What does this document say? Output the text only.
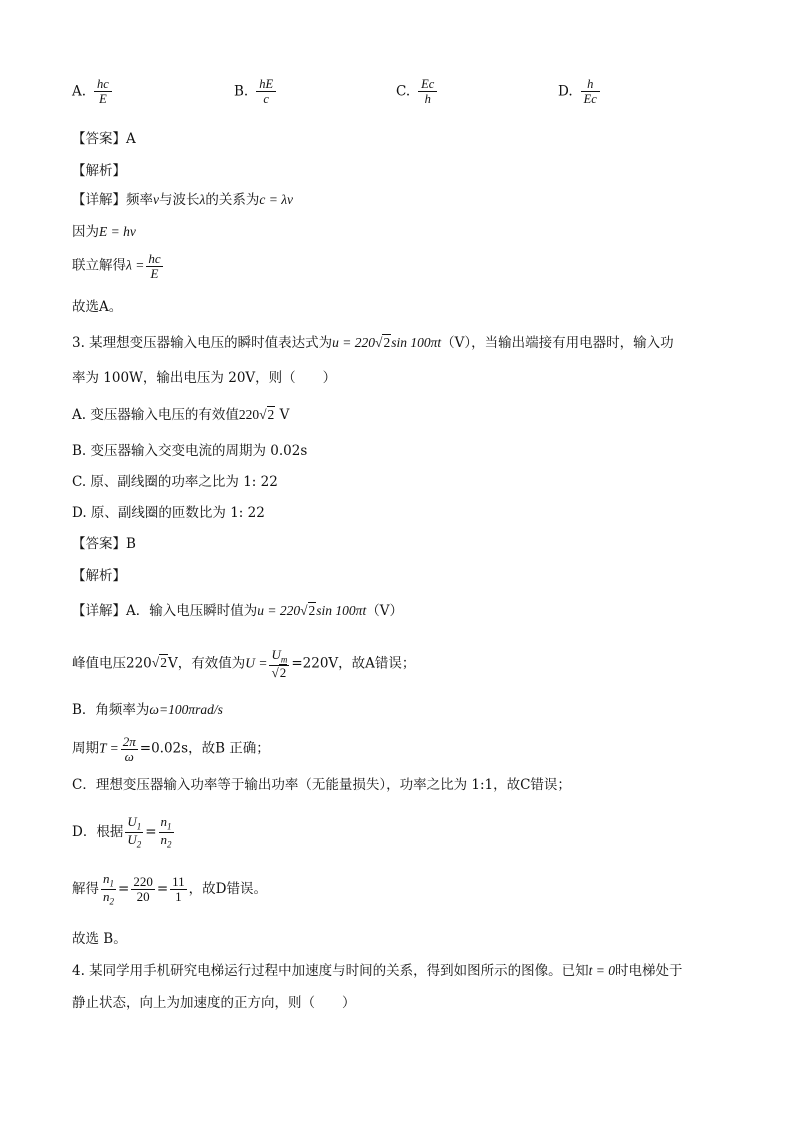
A. $\frac{hc}{E}$	B. $\frac{hE}{c}$	C. $\frac{Ec}{h}$	D. $\frac{h}{Ec}$
【答案】A
【解析】
【详解】频率ν与波长λ的关系为c = λν
因为E = hν
联立解得$\lambda = \frac{hc}{E}$
故选A。
3. 某理想变压器输入电压的瞬时值表达式为u = 220√2sin 100πt（V），当输出端接有用电器时，输入功
率为 100W，输出电压为 20V，则（　　）
A. 变压器输入电压的有效值220√2 V
B. 变压器输入交变电流的周期为 0.02s
C. 原、副线圈的功率之比为 1: 22
D. 原、副线圈的匝数比为 1: 22
【答案】B
【解析】
【详解】A．输入电压瞬时值为u = 220√2sin 100πt（V）
峰值电压220√2V，有效值为$U = \frac{U_m}{√2} =220V$，故A错误；
B．角频率为ω=100πrad/s
周期$T = \frac{2\pi}{\omega} =0.02s$，故B 正确；
C．理想变压器输入功率等于输出功率（无能量损失），功率之比为 1:1，故C错误；
D．根据 $\frac{U_1}{U_2} = \frac{n_1}{n_2}$
解得 $\frac{n_1}{n_2} = \frac{220}{20} = \frac{11}{1}$ ，故D错误。
故选 B。
4. 某同学用手机研究电梯运行过程中加速度与时间的关系，得到如图所示的图像。已知t = 0时电梯处于
静止状态，向上为加速度的正方向，则（　　）
